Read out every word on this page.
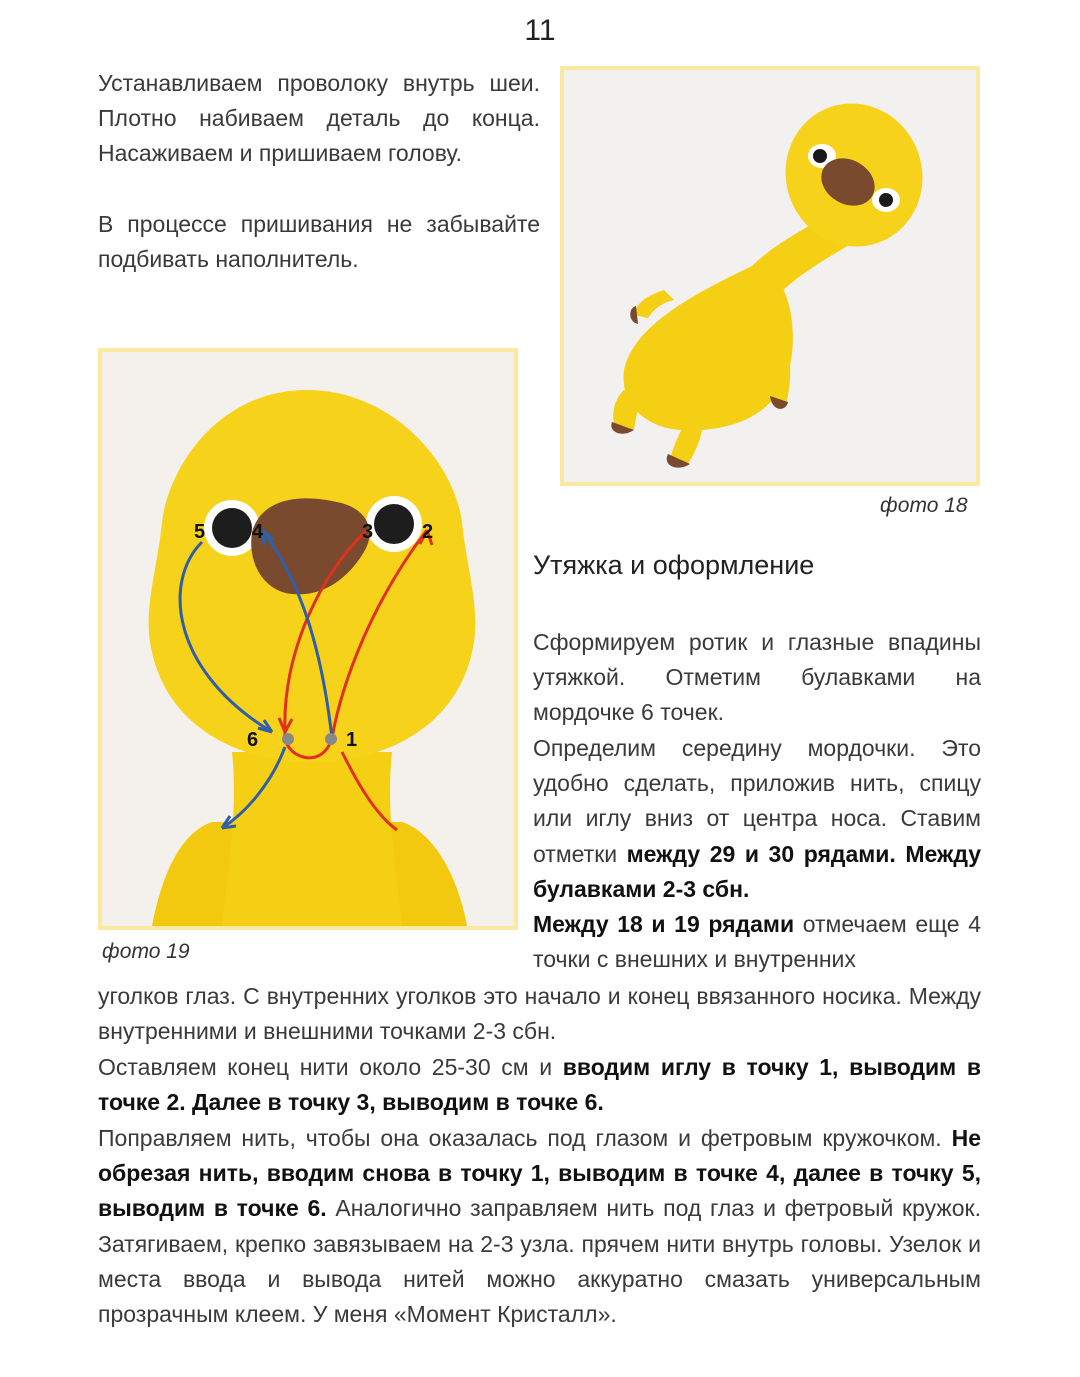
11

Устанавливаем проволоку внутрь шеи. Плотно набиваем деталь до конца. Насаживаем и пришиваем голову.

В процессе пришивания не забывайте подбивать наполнитель.

фото 18
1
2
3
4
5
6
фото 19
Утяжка и оформление

Сформируем ротик и глазные впадины утяжкой. Отметим булавками на мордочке 6 точек.

Определим середину мордочки. Это удобно сделать, приложив нить, спицу или иглу вниз от центра носа. Ставим отметки между 29 и 30 рядами. Между булавками 2-3 сбн.

Между 18 и 19 рядами отмечаем еще 4 точки с внешних и внутренних

уголков глаз. С внутренних уголков это начало и конец ввязанного носика. Между внутренними и внешними точками 2-3 сбн.

Оставляем конец нити около 25-30 см и вводим иглу в точку 1, выводим в точке 2. Далее в точку 3, выводим в точке 6.

Поправляем нить, чтобы она оказалась под глазом и фетровым кружочком. Не обрезая нить, вводим снова в точку 1, выводим в точке 4, далее в точку 5, выводим в точке 6. Аналогично заправляем нить под глаз и фетровый кружок. Затягиваем, крепко завязываем на 2-3 узла. прячем нити внутрь головы. Узелок и места ввода и вывода нитей можно аккуратно смазать универсальным прозрачным клеем. У меня «Момент Кристалл».
